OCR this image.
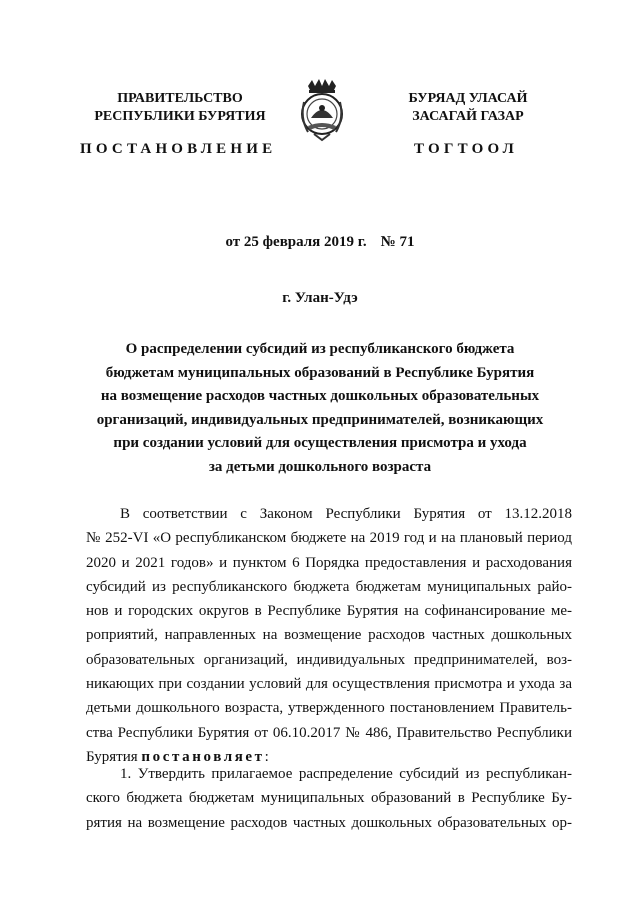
ПРАВИТЕЛЬСТВО
РЕСПУБЛИКИ БУРЯТИЯ
БУРЯАД УЛАСАЙ
ЗАСАГАЙ ГАЗАР
ПОСТАНОВЛЕНИЕ	ТОГТООЛ
от 25 февраля 2019 г. № 71
г. Улан-Удэ
О распределении субсидий из республиканского бюджета
бюджетам муниципальных образований в Республике Бурятия
на возмещение расходов частных дошкольных образовательных
организаций, индивидуальных предпринимателей, возникающих
при создании условий для осуществления присмотра и ухода
за детьми дошкольного возраста
В соответствии с Законом Республики Бурятия от 13.12.2018
№ 252-VI «О республиканском бюджете на 2019 год и на плановый период
2020 и 2021 годов» и пунктом 6 Порядка предоставления и расходования
субсидий из республиканского бюджета бюджетам муниципальных райо-
нов и городских округов в Республике Бурятия на софинансирование ме-
роприятий, направленных на возмещение расходов частных дошкольных
образовательных организаций, индивидуальных предпринимателей, воз-
никающих при создании условий для осуществления присмотра и ухода за
детьми дошкольного возраста, утвержденного постановлением Правитель-
ства Республики Бурятия от 06.10.2017 № 486, Правительство Республики
Бурятия постановляет:
1. Утвердить прилагаемое распределение субсидий из республикан-
ского бюджета бюджетам муниципальных образований в Республике Бу-
рятия на возмещение расходов частных дошкольных образовательных ор-
